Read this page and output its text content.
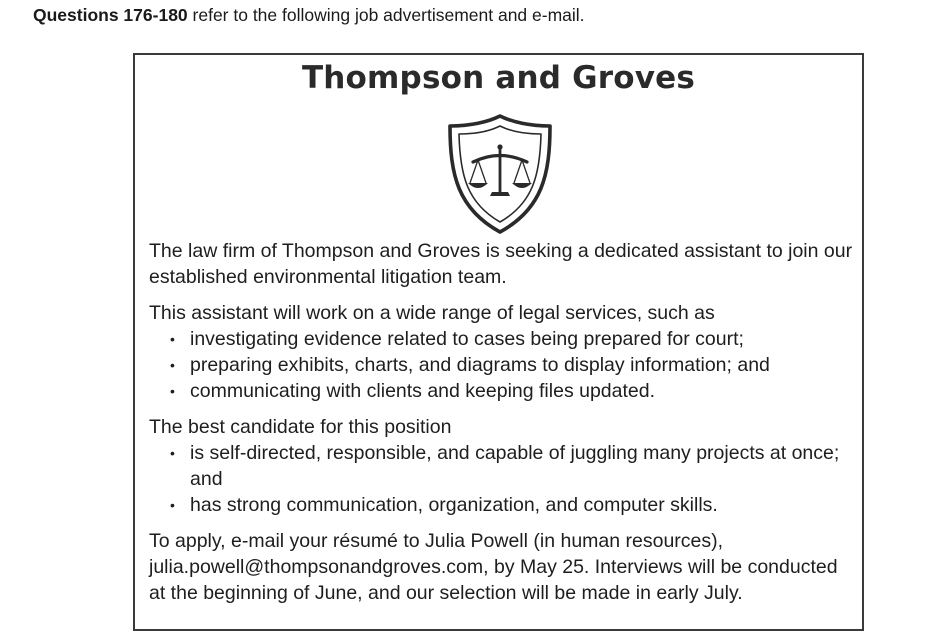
Questions 176-180 refer to the following job advertisement and e-mail.
Thompson and Groves

The law firm of Thompson and Groves is seeking a dedicated assistant to join our established environmental litigation team.

This assistant will work on a wide range of legal services, such as

• investigating evidence related to cases being prepared for court;
• preparing exhibits, charts, and diagrams to display information; and
• communicating with clients and keeping files updated.

The best candidate for this position

• is self-directed, responsible, and capable of juggling many projects at once; and
• has strong communication, organization, and computer skills.

To apply, e-mail your résumé to Julia Powell (in human resources), julia.powell@thompsonandgroves.com, by May 25. Interviews will be conducted at the beginning of June, and our selection will be made in early July.
